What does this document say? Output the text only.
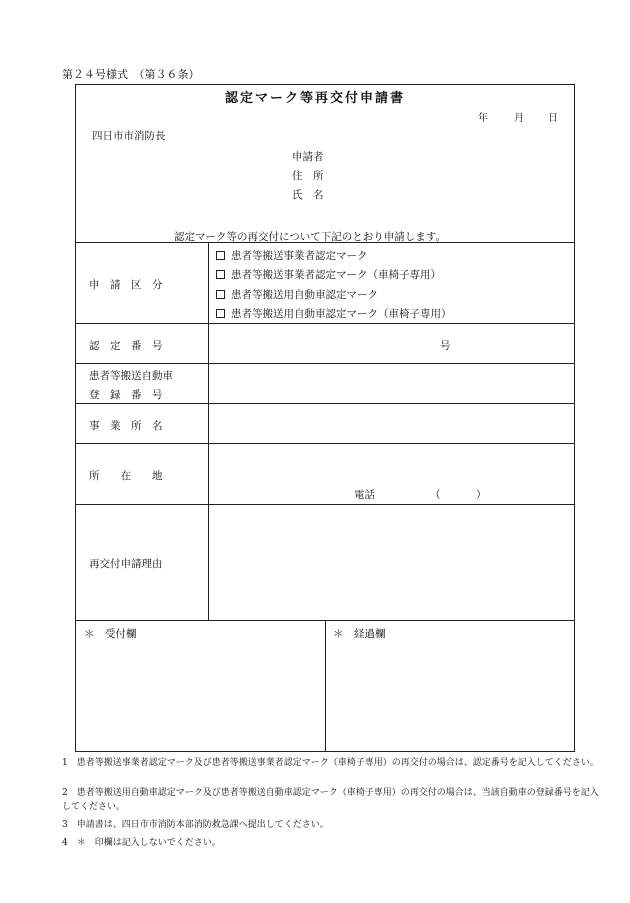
第２４号様式　（第３６条）
認定マーク等再交付申請書
年	月 日
四日市市消防長
申請者
住　所
氏　名
認定マーク等の再交付について下記のとおり申請します。
申　請　区　分
患者等搬送事業者認定マーク
患者等搬送事業者認定マーク（車椅子専用）
患者等搬送用自動車認定マーク
患者等搬送用自動車認定マーク（車椅子専用）
認　定　番　号	号
患者等搬送自動車
登　録　番　号
事　業　所　名
所　　在　　地
電話	（	）
再交付申請理由
＊　受付欄	＊　経過欄
1　 患者等搬送事業者認定マーク及び患者等搬送事業者認定マーク（車椅子専用）の再交付の場合は、認定番号を記入してください。
2　 患者等搬送用自動車認定マーク及び患者等搬送自動車認定マーク（車椅子専用）の再交付の場合は、当該自動車の登録番号を記入してください。
3　 申請書は、四日市市消防本部消防救急課へ提出してください。
4　 ＊　印欄は記入しないでください。
